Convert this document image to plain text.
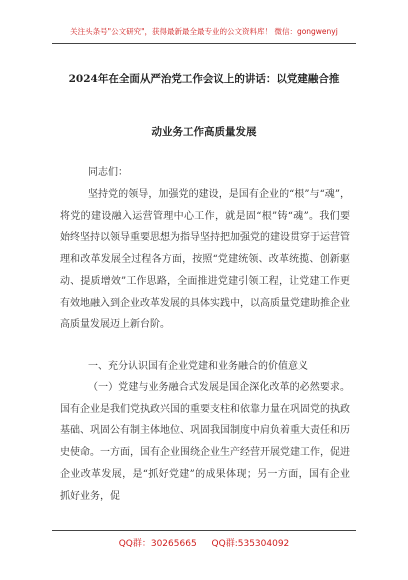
关注头条号"公文研究"，获得最新最全最专业的公文资料库！ 微信：gongwenyj
2024年在全面从严治党工作会议上的讲话：以党建融合推
动业务工作高质量发展
同志们：
坚持党的领导，加强党的建设，是国有企业的“根”与“魂”，将党的建设融入运营管理中心工作，就是固“根”铸“魂”。我们要始终坚持以领导重要思想为指导坚持把加强党的建设贯穿于运营管理和改革发展全过程各方面，按照“党建统领、改革统揽、创新驱动、提质增效”工作思路，全面推进党建引领工程，让党建工作更有效地融入到企业改革发展的具体实践中，以高质量党建助推企业高质量发展迈上新台阶。
一、充分认识国有企业党建和业务融合的价值意义
（一）党建与业务融合式发展是国企深化改革的必然要求。国有企业是我们党执政兴国的重要支柱和依靠力量在巩固党的执政基础、巩固公有制主体地位、巩固我国制度中肩负着重大责任和历史使命。一方面，国有企业围绕企业生产经营开展党建工作，促进企业改革发展，是“抓好党建”的成果体现；另一方面，国有企业抓好业务，促
QQ群：30265665 QQ群:535304092
